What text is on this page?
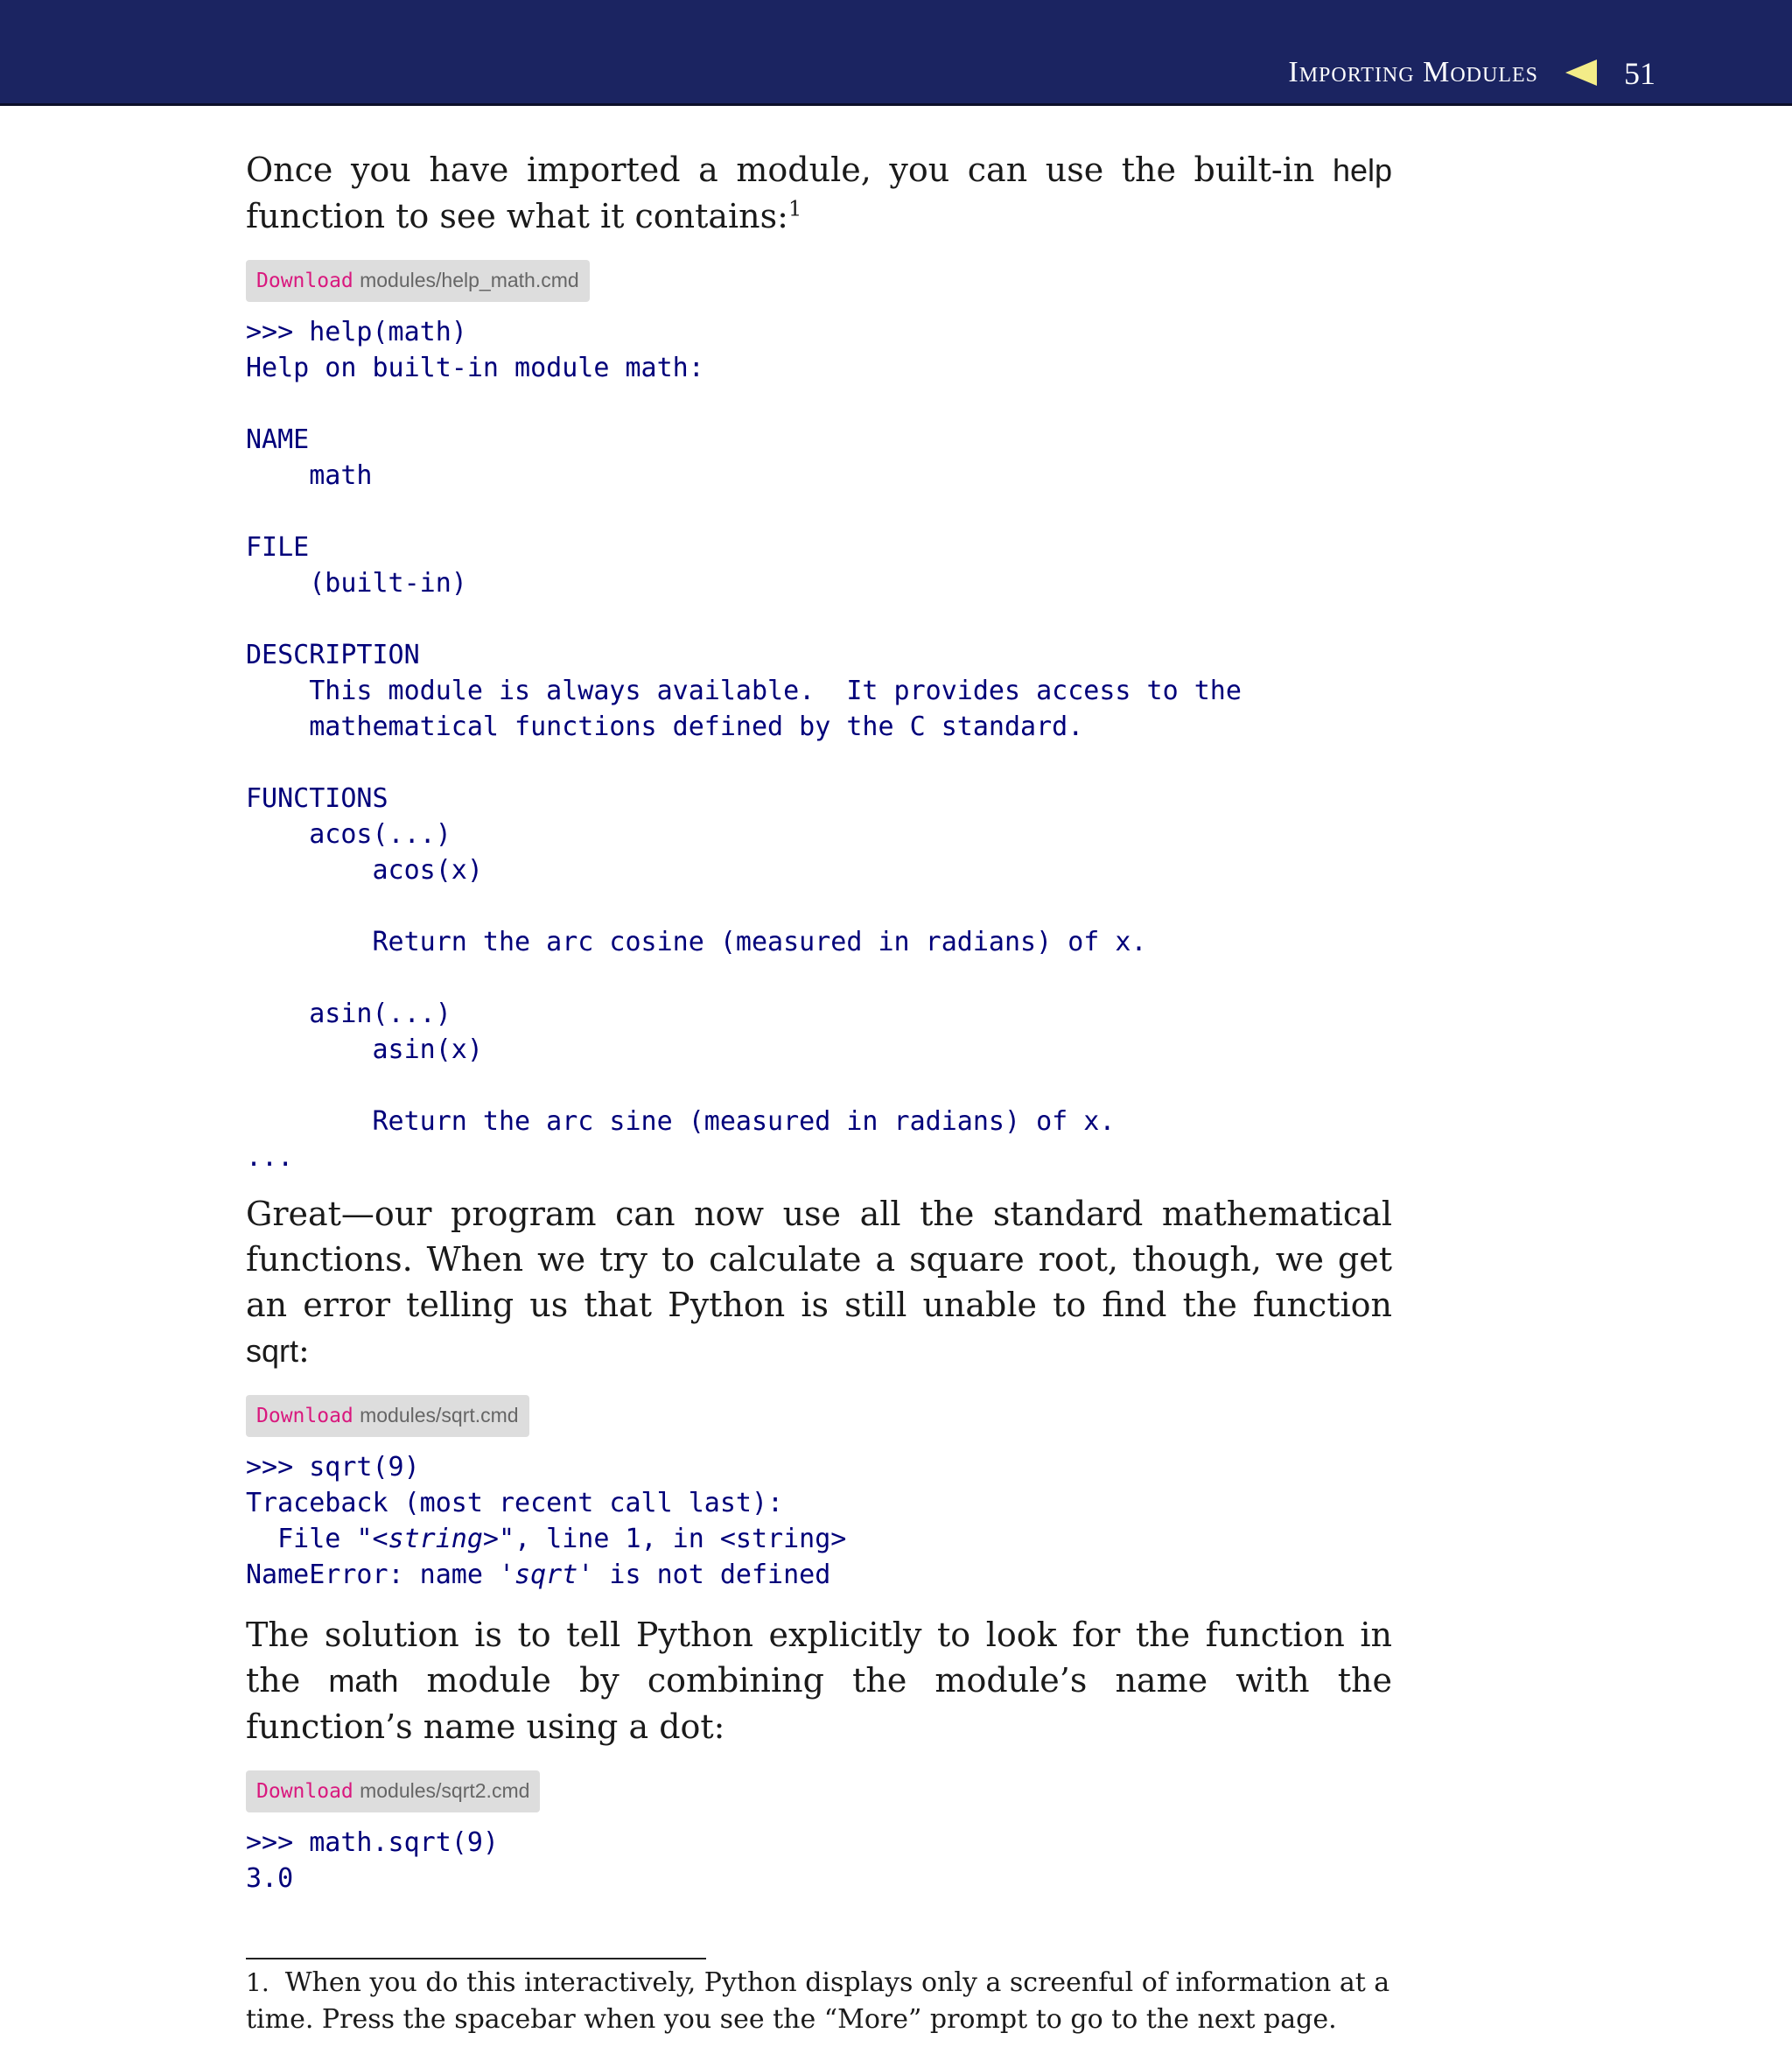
Importing Modules	51

Once you have imported a module, you can use the built-in help function to see what it contains:$^1$

Download modules/help_math.cmd
>>> help(math)
Help on built-in module math:

NAME
math

FILE
(built-in)

DESCRIPTION
This module is always available.  It provides access to the
mathematical functions defined by the C standard.

FUNCTIONS
acos(...)
acos(x)

Return the arc cosine (measured in radians) of x.

asin(...)
asin(x)

Return the arc sine (measured in radians) of x.
...

Great—our program can now use all the standard mathematical functions. When we try to calculate a square root, though, we get an error telling us that Python is still unable to find the function sqrt:

Download modules/sqrt.cmd
>>> sqrt(9)
Traceback (most recent call last):
File "<string>", line 1, in <string>
NameError: name 'sqrt' is not defined

The solution is to tell Python explicitly to look for the function in the math module by combining the module’s name with the function’s name using a dot:

Download modules/sqrt2.cmd
>>> math.sqrt(9)
3.0

1. When you do this interactively, Python displays only a screenful of information at a time. Press the spacebar when you see the “More” prompt to go to the next page.
